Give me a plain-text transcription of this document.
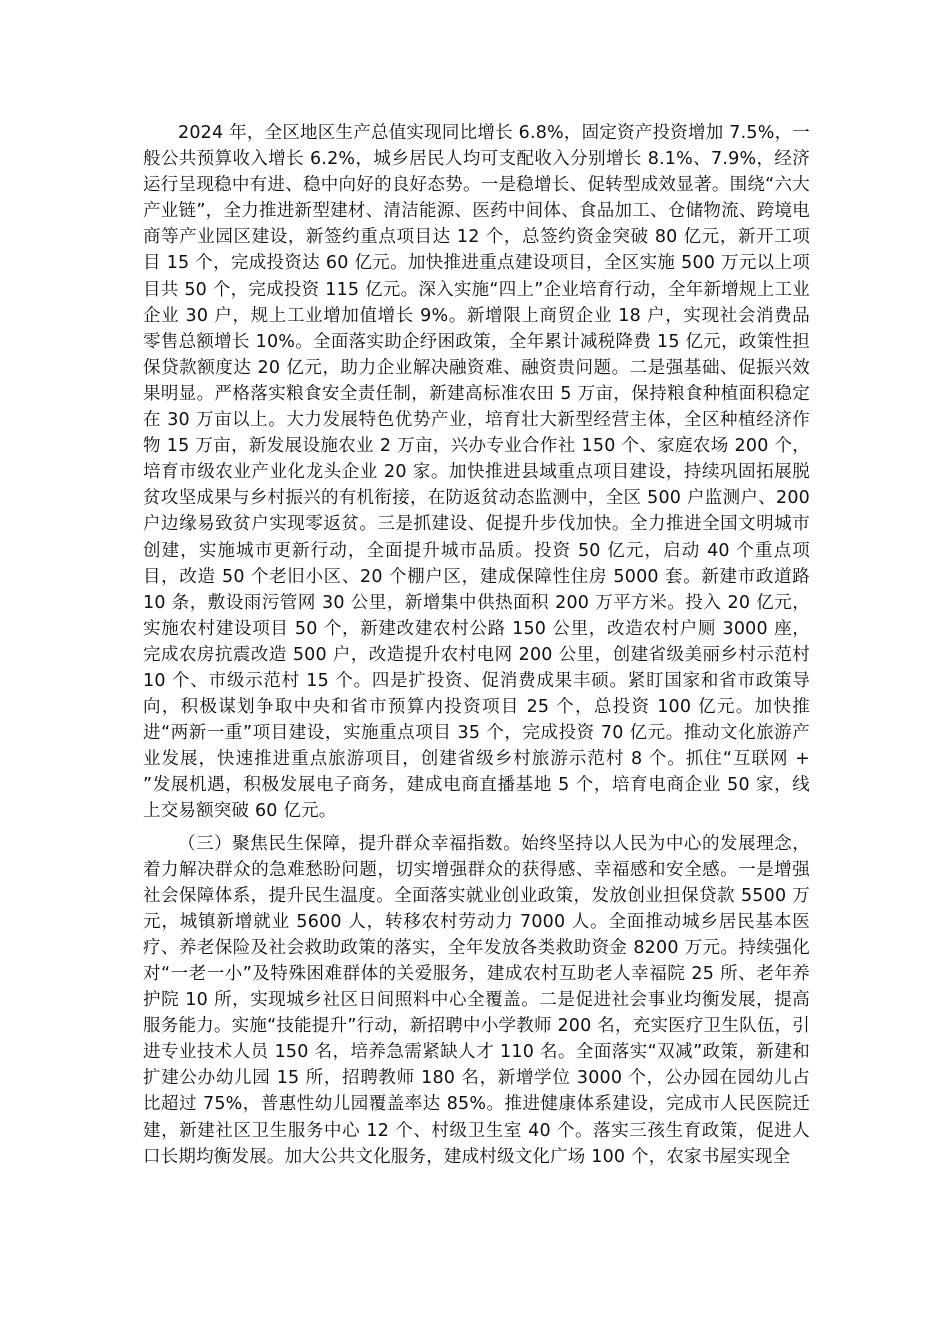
2024 年，全区地区生产总值实现同比增长 6.8%，固定资产投资增加 7.5%，一般公共预算收入增长 6.2%，城乡居民人均可支配收入分别增长 8.1%、7.9%，经济运行呈现稳中有进、稳中向好的良好态势。一是稳增长、促转型成效显著。围绕“六大产业链”，全力推进新型建材、清洁能源、医药中间体、食品加工、仓储物流、跨境电商等产业园区建设，新签约重点项目达 12 个，总签约资金突破 80 亿元，新开工项目 15 个，完成投资达 60 亿元。加快推进重点建设项目，全区实施 500 万元以上项目共 50 个，完成投资 115 亿元。深入实施“四上”企业培育行动，全年新增规上工业企业 30 户，规上工业增加值增长 9%。新增限上商贸企业 18 户，实现社会消费品零售总额增长 10%。全面落实助企纾困政策，全年累计减税降费 15 亿元，政策性担保贷款额度达 20 亿元，助力企业解决融资难、融资贵问题。二是强基础、促振兴效果明显。严格落实粮食安全责任制，新建高标准农田 5 万亩，保持粮食种植面积稳定在 30 万亩以上。大力发展特色优势产业，培育壮大新型经营主体，全区种植经济作物 15 万亩，新发展设施农业 2 万亩，兴办专业合作社 150 个、家庭农场 200 个，培育市级农业产业化龙头企业 20 家。加快推进县域重点项目建设，持续巩固拓展脱贫攻坚成果与乡村振兴的有机衔接，在防返贫动态监测中，全区 500 户监测户、200 户边缘易致贫户实现零返贫。三是抓建设、促提升步伐加快。全力推进全国文明城市创建，实施城市更新行动，全面提升城市品质。投资 50 亿元，启动 40 个重点项目，改造 50 个老旧小区、20 个棚户区，建成保障性住房 5000 套。新建市政道路 10 条，敷设雨污管网 30 公里，新增集中供热面积 200 万平方米。投入 20 亿元，实施农村建设项目 50 个，新建改建农村公路 150 公里，改造农村户厕 3000 座，完成农房抗震改造 500 户，改造提升农村电网 200 公里，创建省级美丽乡村示范村 10 个、市级示范村 15 个。四是扩投资、促消费成果丰硕。紧盯国家和省市政策导向，积极谋划争取中央和省市预算内投资项目 25 个，总投资 100 亿元。加快推进“两新一重”项目建设，实施重点项目 35 个，完成投资 70 亿元。推动文化旅游产业发展，快速推进重点旅游项目，创建省级乡村旅游示范村 8 个。抓住“互联网 + ”发展机遇，积极发展电子商务，建成电商直播基地 5 个，培育电商企业 50 家，线上交易额突破 60 亿元。

（三）聚焦民生保障，提升群众幸福指数。始终坚持以人民为中心的发展理念，着力解决群众的急难愁盼问题，切实增强群众的获得感、幸福感和安全感。一是增强社会保障体系，提升民生温度。全面落实就业创业政策，发放创业担保贷款 5500 万元，城镇新增就业 5600 人，转移农村劳动力 7000 人。全面推动城乡居民基本医疗、养老保险及社会救助政策的落实，全年发放各类救助资金 8200 万元。持续强化对“一老一小”及特殊困难群体的关爱服务，建成农村互助老人幸福院 25 所、老年养护院 10 所，实现城乡社区日间照料中心全覆盖。二是促进社会事业均衡发展，提高服务能力。实施“技能提升”行动，新招聘中小学教师 200 名，充实医疗卫生队伍，引进专业技术人员 150 名，培养急需紧缺人才 110 名。全面落实“双减”政策，新建和扩建公办幼儿园 15 所，招聘教师 180 名，新增学位 3000 个，公办园在园幼儿占比超过 75%，普惠性幼儿园覆盖率达 85%。推进健康体系建设，完成市人民医院迁建，新建社区卫生服务中心 12 个、村级卫生室 40 个。落实三孩生育政策，促进人口长期均衡发展。加大公共文化服务，建成村级文化广场 100 个，农家书屋实现全
